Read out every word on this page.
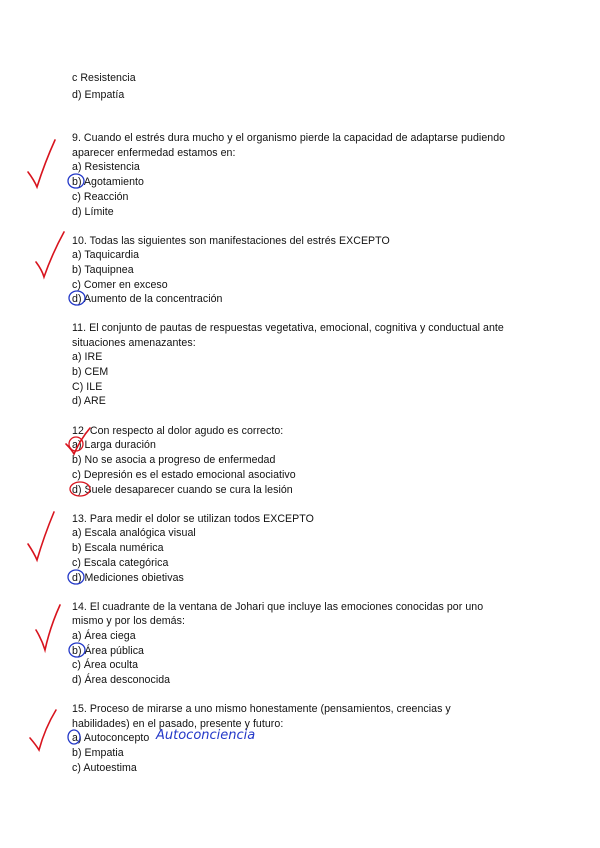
c Resistencia
d) Empatía
9. Cuando el estrés dura mucho y el organismo pierde la capacidad de adaptarse pudiendo
aparecer enfermedad estamos en:
a) Resistencia
b) Agotamiento
c) Reacción
d) Límite
10. Todas las siguientes son manifestaciones del estrés EXCEPTO
a) Taquicardia
b) Taquipnea
c) Comer en exceso
d) Aumento de la concentración
11. El conjunto de pautas de respuestas vegetativa, emocional, cognitiva y conductual ante
situaciones amenazantes:
a) IRE
b) CEM
C) ILE
d) ARE
12. Con respecto al dolor agudo es correcto:
a) Larga duración
b) No se asocia a progreso de enfermedad
c) Depresión es el estado emocional asociativo
d) Suele desaparecer cuando se cura la lesión
13. Para medir el dolor se utilizan todos EXCEPTO
a) Escala analógica visual
b) Escala numérica
c) Escala categórica
d) Mediciones obietivas
14. El cuadrante de la ventana de Johari que incluye las emociones conocidas por uno
mismo y por los demás:
a) Área ciega
b) Área pública
c) Área oculta
d) Área desconocida
15. Proceso de mirarse a uno mismo honestamente (pensamientos, creencias y
habilidades) en el pasado, presente y futuro:
a) Autoconcepto
b) Empatia
c) Autoestima
Autoconciencia
